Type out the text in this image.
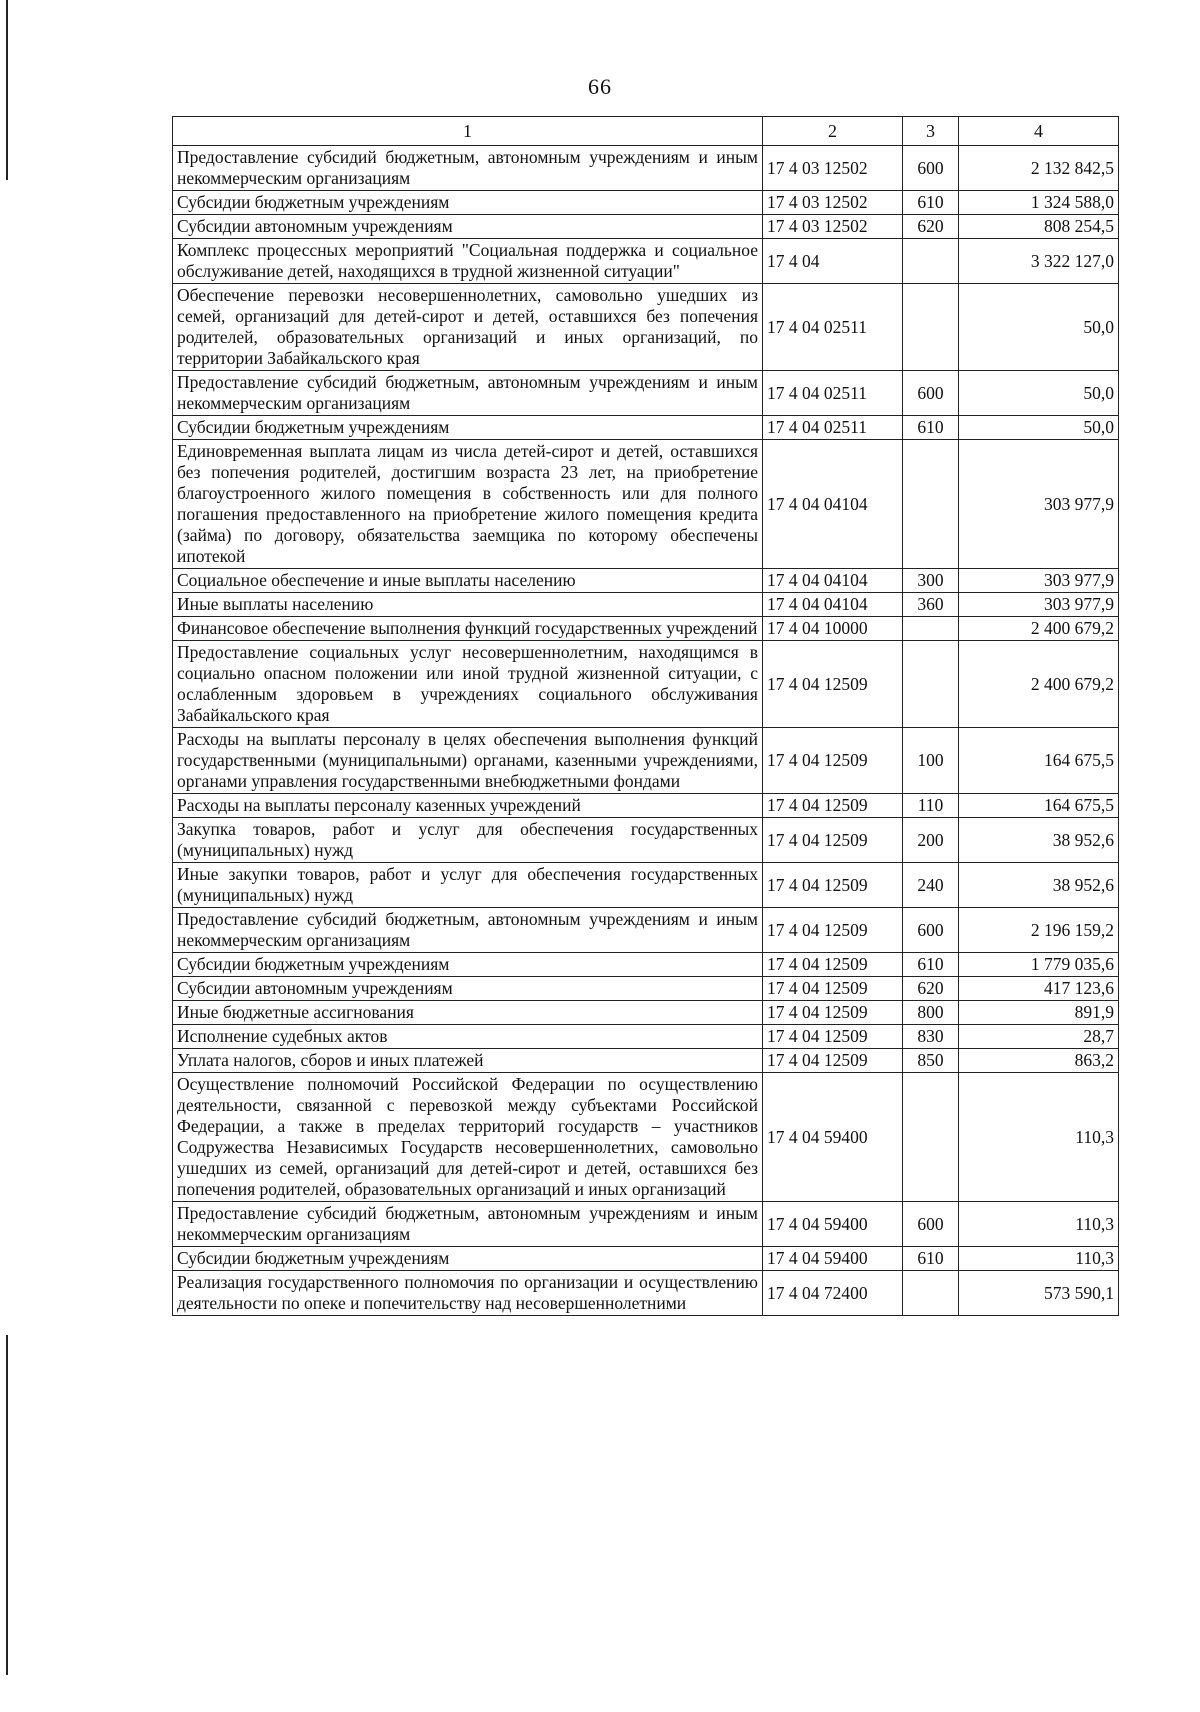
66
1	2	3	4
Предоставление субсидий бюджетным, автономным учреждениям и иным некоммерческим организациям	17 4 03 12502	600	2 132 842,5
Субсидии бюджетным учреждениям	17 4 03 12502	610	1 324 588,0
Субсидии автономным учреждениям	17 4 03 12502	620	808 254,5
Комплекс процессных мероприятий "Социальная поддержка и социальное обслуживание детей, находящихся в трудной жизненной ситуации"	17 4 04		3 322 127,0
Обеспечение перевозки несовершеннолетних, самовольно ушедших из семей, организаций для детей-сирот и детей, оставшихся без попечения родителей, образовательных организаций и иных организаций, по территории Забайкальского края	17 4 04 02511		50,0
Предоставление субсидий бюджетным, автономным учреждениям и иным некоммерческим организациям	17 4 04 02511	600	50,0
Субсидии бюджетным учреждениям	17 4 04 02511	610	50,0
Единовременная выплата лицам из числа детей-сирот и детей, оставшихся без попечения родителей, достигшим возраста 23 лет, на приобретение благоустроенного жилого помещения в собственность или для полного погашения предоставленного на приобретение жилого помещения кредита (займа) по договору, обязательства заемщика по которому обеспечены ипотекой	17 4 04 04104		303 977,9
Социальное обеспечение и иные выплаты населению	17 4 04 04104	300	303 977,9
Иные выплаты населению	17 4 04 04104	360	303 977,9
Финансовое обеспечение выполнения функций государственных учреждений	17 4 04 10000		2 400 679,2
Предоставление социальных услуг несовершеннолетним, находящимся в социально опасном положении или иной трудной жизненной ситуации, с ослабленным здоровьем в учреждениях социального обслуживания Забайкальского края	17 4 04 12509		2 400 679,2
Расходы на выплаты персоналу в целях обеспечения выполнения функций государственными (муниципальными) органами, казенными учреждениями, органами управления государственными внебюджетными фондами	17 4 04 12509	100	164 675,5
Расходы на выплаты персоналу казенных учреждений	17 4 04 12509	110	164 675,5
Закупка товаров, работ и услуг для обеспечения государственных (муниципальных) нужд	17 4 04 12509	200	38 952,6
Иные закупки товаров, работ и услуг для обеспечения государственных (муниципальных) нужд	17 4 04 12509	240	38 952,6
Предоставление субсидий бюджетным, автономным учреждениям и иным некоммерческим организациям	17 4 04 12509	600	2 196 159,2
Субсидии бюджетным учреждениям	17 4 04 12509	610	1 779 035,6
Субсидии автономным учреждениям	17 4 04 12509	620	417 123,6
Иные бюджетные ассигнования	17 4 04 12509	800	891,9
Исполнение судебных актов	17 4 04 12509	830	28,7
Уплата налогов, сборов и иных платежей	17 4 04 12509	850	863,2
Осуществление полномочий Российской Федерации по осуществлению деятельности, связанной с перевозкой между субъектами Российской Федерации, а также в пределах территорий государств – участников Содружества Независимых Государств несовершеннолетних, самовольно ушедших из семей, организаций для детей-сирот и детей, оставшихся без попечения родителей, образовательных организаций и иных организаций	17 4 04 59400		110,3
Предоставление субсидий бюджетным, автономным учреждениям и иным некоммерческим организациям	17 4 04 59400	600	110,3
Субсидии бюджетным учреждениям	17 4 04 59400	610	110,3
Реализация государственного полномочия по организации и осуществлению деятельности по опеке и попечительству над несовершеннолетними	17 4 04 72400		573 590,1
